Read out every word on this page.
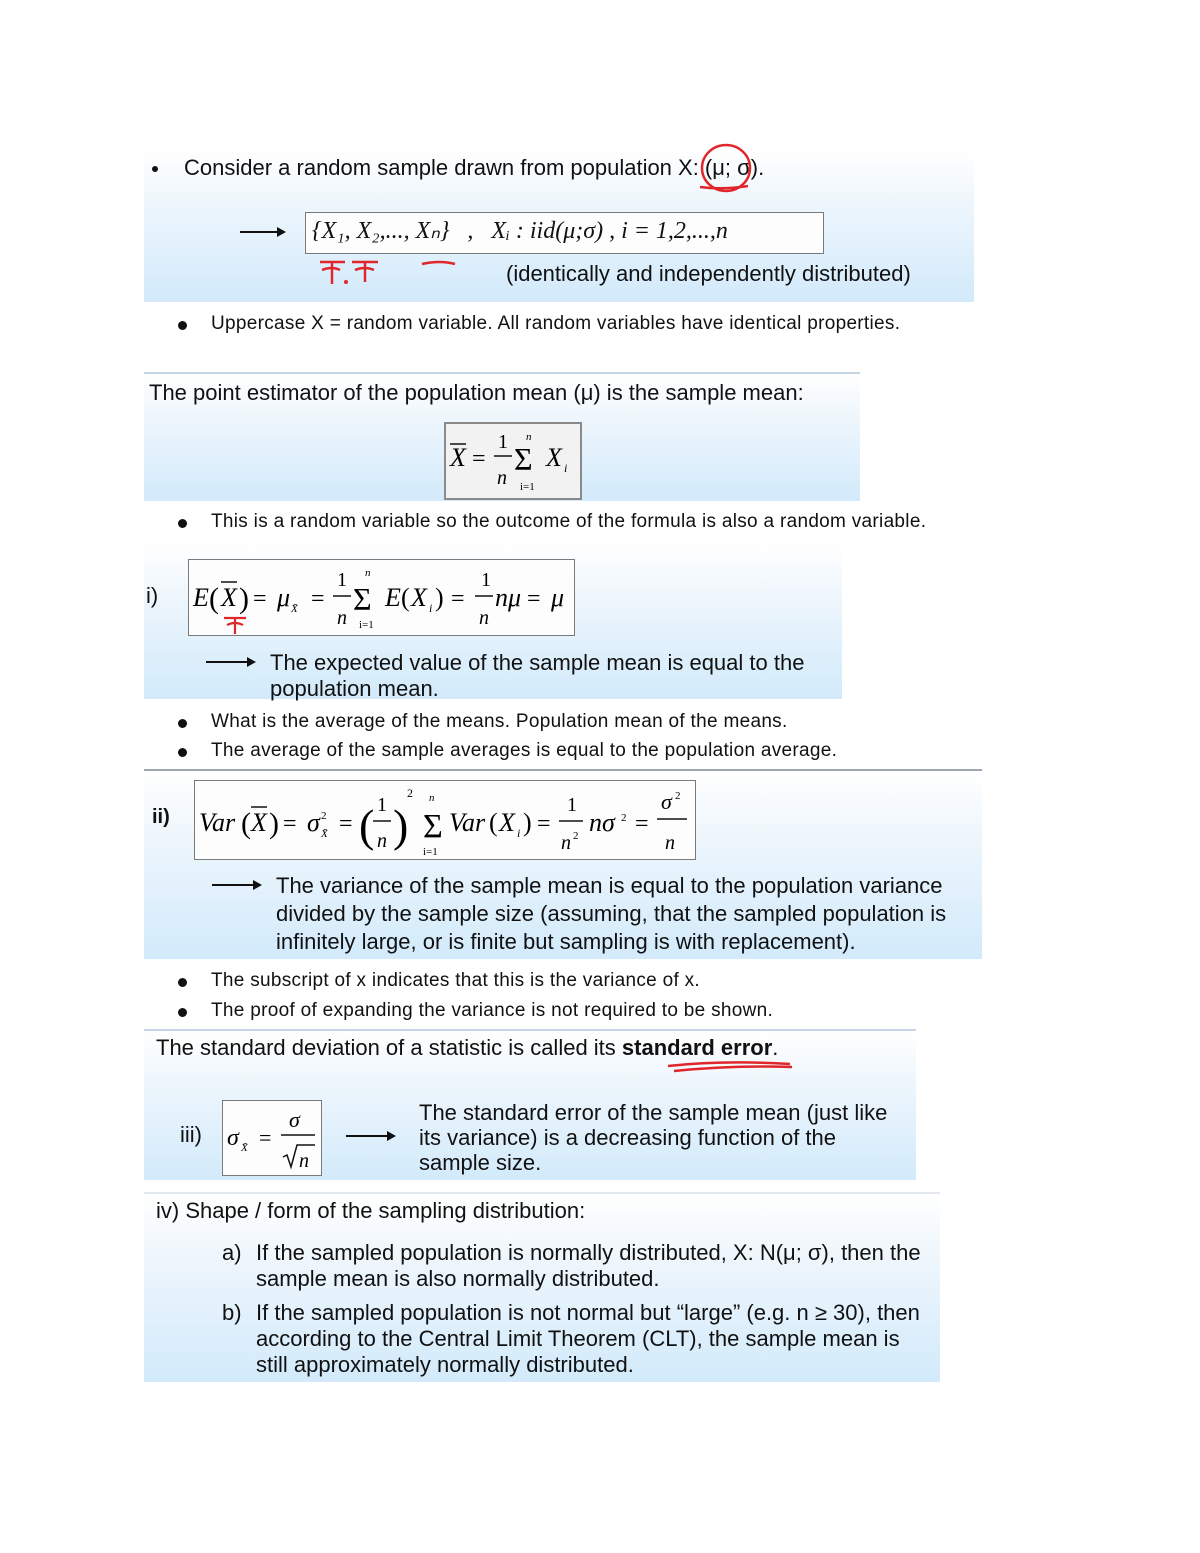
Consider a random sample drawn from population X: (μ; σ).
{X₁, X₂,..., Xₙ}   ,   Xᵢ : iid(μ;σ) , i = 1,2,...,n
(identically and independently distributed)
Uppercase X = random variable. All random variables have identical properties.
The point estimator of the population mean (μ) is the sample mean:
X =
1
n
Σ
n
i=1
X i
This is a random variable so the outcome of the formula is also a random variable.
i) E ( X ) = μ X̄ =
1
n
Σ
n
i=1
E ( X i ) =
1
n
nμ = μ
The expected value of the sample mean is equal to the population mean.
What is the average of the means. Population mean of the means.
The average of the sample averages is equal to the population average.
ii) Var ( X ) = σ 2
X̄ = ( 1
n )
2
Σ
n
i=1
Var ( X i ) =
1
n 2 nσ 2 =
σ 2
n
The variance of the sample mean is equal to the population variance divided by the sample size (assuming, that the sampled population is infinitely large, or is finite but sampling is with replacement).
The subscript of x indicates that this is the variance of x.
The proof of expanding the variance is not required to be shown.
The standard deviation of a statistic is called its standard error.
iii) σ X̄ =
σ
n
The standard error of the sample mean (just like its variance) is a decreasing function of the sample size.
iv) Shape / form of the sampling distribution:
a) If the sampled population is normally distributed, X: N(μ; σ), then the sample mean is also normally distributed.
b) If the sampled population is not normal but “large” (e.g. n ≥ 30), then according to the Central Limit Theorem (CLT), the sample mean is still approximately normally distributed.
